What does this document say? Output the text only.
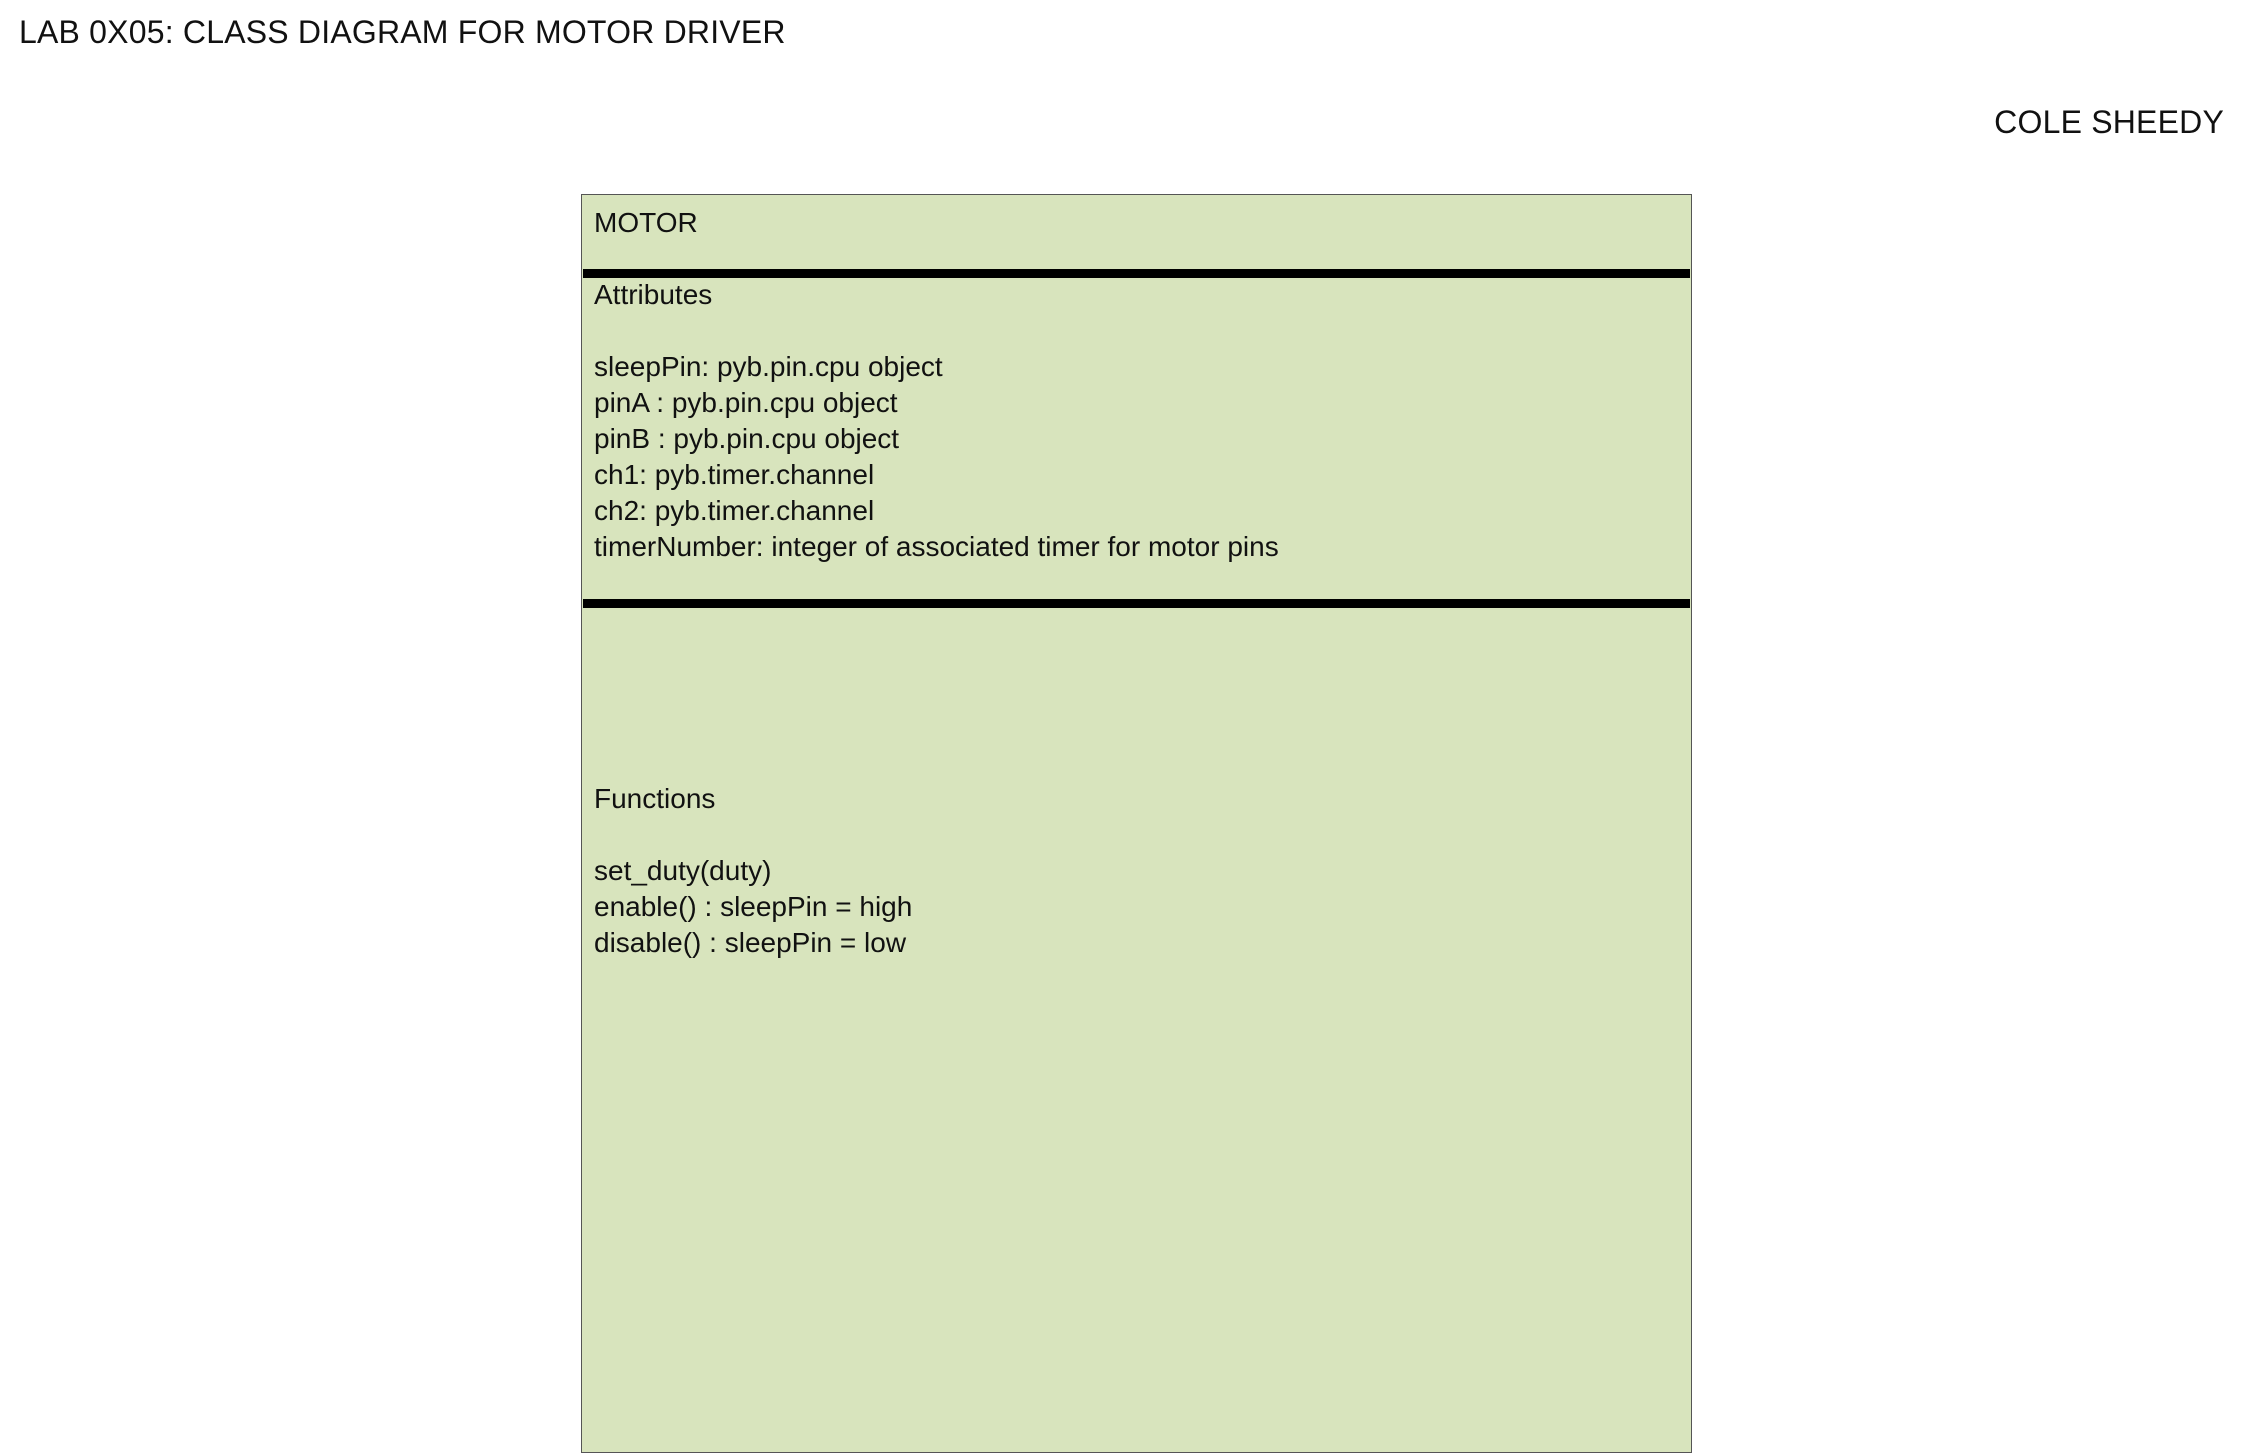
LAB 0X05: CLASS DIAGRAM FOR MOTOR DRIVER
COLE SHEEDY
MOTOR
Attributes
sleepPin: pyb.pin.cpu object
pinA : pyb.pin.cpu object
pinB : pyb.pin.cpu object
ch1: pyb.timer.channel
ch2: pyb.timer.channel
timerNumber: integer of associated timer for motor pins
Functions
set_duty(duty)
enable() : sleepPin = high
disable() : sleepPin = low
